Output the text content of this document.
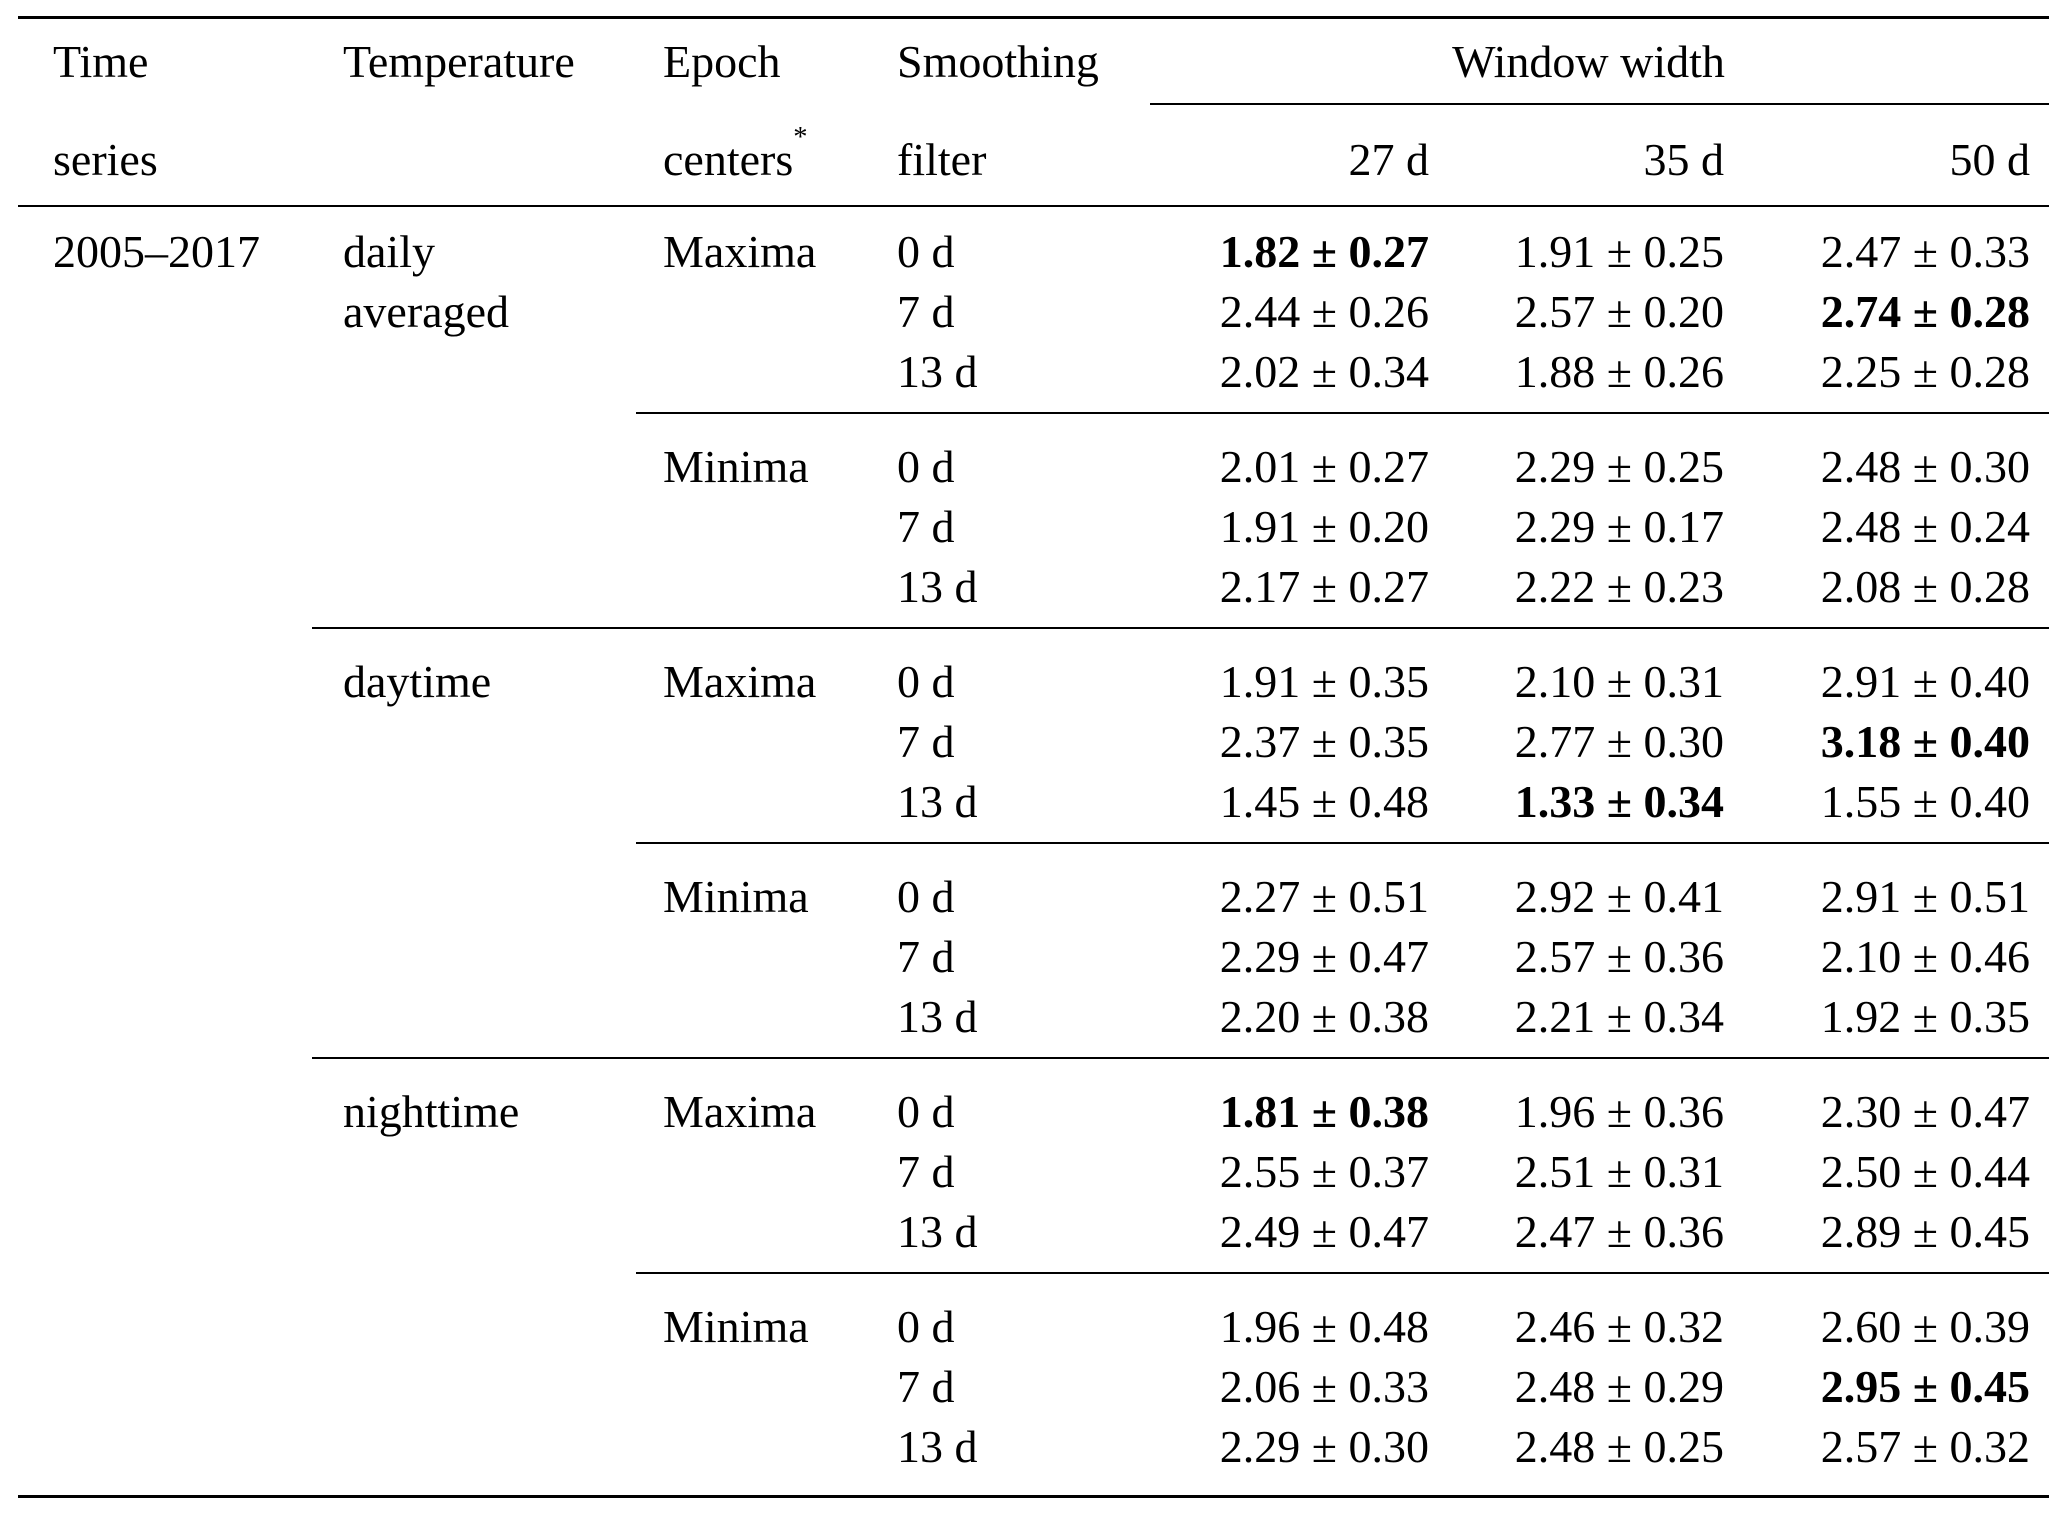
Time	Temperature	Epoch	Smoothing	Window width
series	centers*	filter	27 d	35 d	50 d
2005–2017	daily	Maxima	0 d	1.82 ± 0.27	1.91 ± 0.25	2.47 ± 0.33
averaged	7 d	2.44 ± 0.26	2.57 ± 0.20	2.74 ± 0.28
13 d	2.02 ± 0.34	1.88 ± 0.26	2.25 ± 0.28
Minima	0 d	2.01 ± 0.27	2.29 ± 0.25	2.48 ± 0.30
7 d	1.91 ± 0.20	2.29 ± 0.17	2.48 ± 0.24
13 d	2.17 ± 0.27	2.22 ± 0.23	2.08 ± 0.28
daytime	Maxima	0 d	1.91 ± 0.35	2.10 ± 0.31	2.91 ± 0.40
7 d	2.37 ± 0.35	2.77 ± 0.30	3.18 ± 0.40
13 d	1.45 ± 0.48	1.33 ± 0.34	1.55 ± 0.40
Minima	0 d	2.27 ± 0.51	2.92 ± 0.41	2.91 ± 0.51
7 d	2.29 ± 0.47	2.57 ± 0.36	2.10 ± 0.46
13 d	2.20 ± 0.38	2.21 ± 0.34	1.92 ± 0.35
nighttime	Maxima	0 d	1.81 ± 0.38	1.96 ± 0.36	2.30 ± 0.47
7 d	2.55 ± 0.37	2.51 ± 0.31	2.50 ± 0.44
13 d	2.49 ± 0.47	2.47 ± 0.36	2.89 ± 0.45
Minima	0 d	1.96 ± 0.48	2.46 ± 0.32	2.60 ± 0.39
7 d	2.06 ± 0.33	2.48 ± 0.29	2.95 ± 0.45
13 d	2.29 ± 0.30	2.48 ± 0.25	2.57 ± 0.32
